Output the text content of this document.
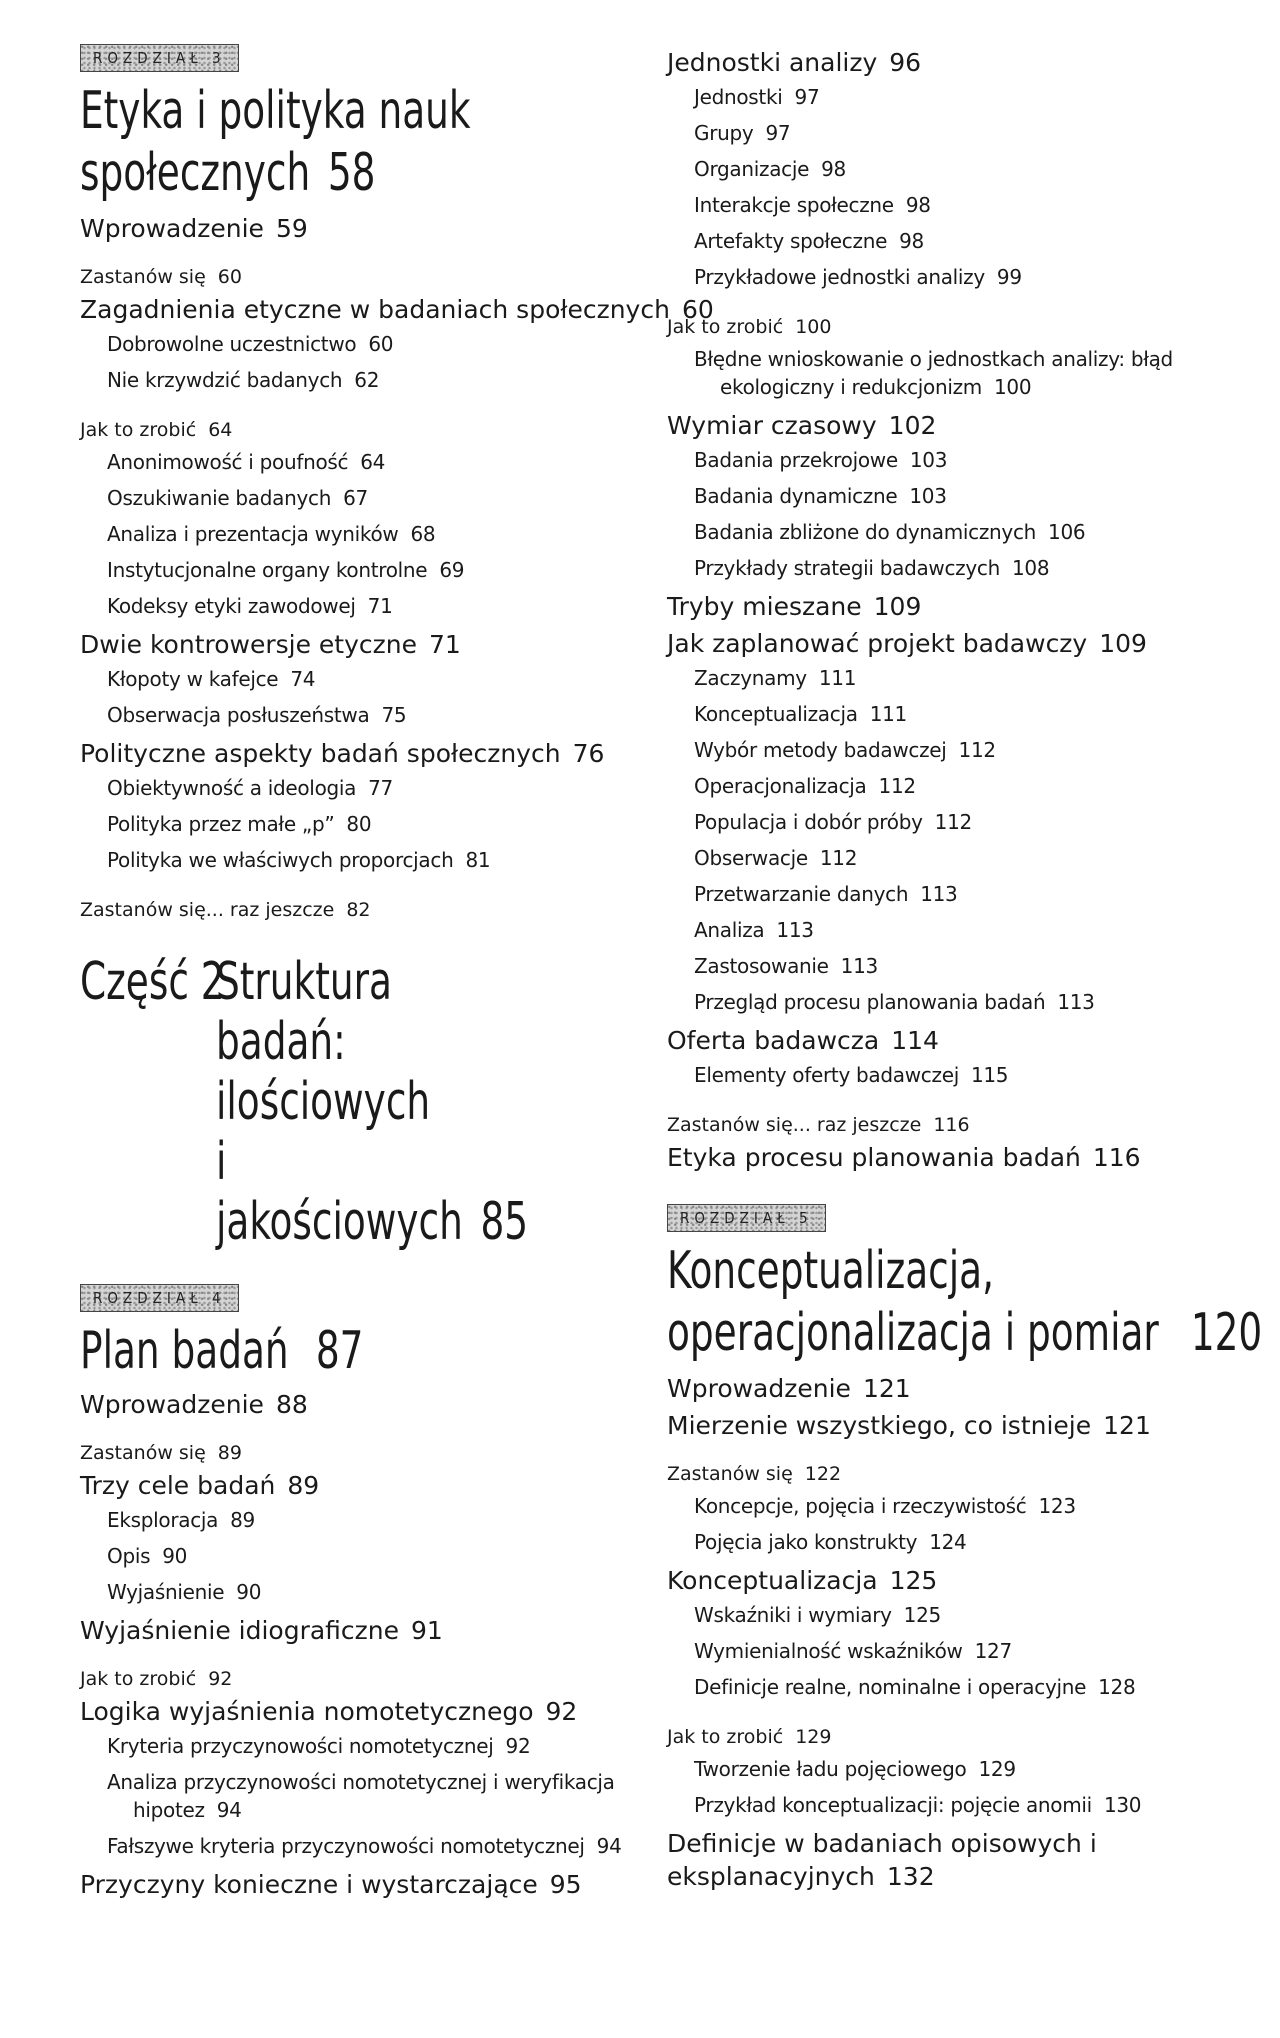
ROZDZIAŁ 3
Etyka i polityka nauk
społecznych 58
Wprowadzenie 59
Zastanów się 60
Zagadnienia etyczne w badaniach społecznych 60
Dobrowolne uczestnictwo 60
Nie krzywdzić badanych 62
Jak to zrobić 64
Anonimowość i poufność 64
Oszukiwanie badanych 67
Analiza i prezentacja wyników 68
Instytucjonalne organy kontrolne 69
Kodeksy etyki zawodowej 71
Dwie kontrowersje etyczne 71
Kłopoty w kafejce 74
Obserwacja posłuszeństwa 75
Polityczne aspekty badań społecznych 76
Obiektywność a ideologia 77
Polityka przez małe „p” 80
Polityka we właściwych proporcjach 81
Zastanów się... raz jeszcze 82
Część 2
Struktura badań:
ilościowych
i jakościowych 85
ROZDZIAŁ 4
Plan badań 87
Wprowadzenie 88
Zastanów się 89
Trzy cele badań 89
Eksploracja 89
Opis 90
Wyjaśnienie 90
Wyjaśnienie idiograficzne 91
Jak to zrobić 92
Logika wyjaśnienia nomotetycznego 92
Kryteria przyczynowości nomotetycznej 92
Analiza przyczynowości nomotetycznej i weryfikacja hipotez 94
Fałszywe kryteria przyczynowości nomotetycznej 94
Przyczyny konieczne i wystarczające 95
Jednostki analizy 96
Jednostki 97
Grupy 97
Organizacje 98
Interakcje społeczne 98
Artefakty społeczne 98
Przykładowe jednostki analizy 99
Jak to zrobić 100
Błędne wnioskowanie o jednostkach analizy: błąd ekologiczny i redukcjonizm 100
Wymiar czasowy 102
Badania przekrojowe 103
Badania dynamiczne 103
Badania zbliżone do dynamicznych 106
Przykłady strategii badawczych 108
Tryby mieszane 109
Jak zaplanować projekt badawczy 109
Zaczynamy 111
Konceptualizacja 111
Wybór metody badawczej 112
Operacjonalizacja 112
Populacja i dobór próby 112
Obserwacje 112
Przetwarzanie danych 113
Analiza 113
Zastosowanie 113
Przegląd procesu planowania badań 113
Oferta badawcza 114
Elementy oferty badawczej 115
Zastanów się... raz jeszcze 116
Etyka procesu planowania badań 116
ROZDZIAŁ 5
Konceptualizacja,
operacjonalizacja i pomiar 120
Wprowadzenie 121
Mierzenie wszystkiego, co istnieje 121
Zastanów się 122
Koncepcje, pojęcia i rzeczywistość 123
Pojęcia jako konstrukty 124
Konceptualizacja 125
Wskaźniki i wymiary 125
Wymienialność wskaźników 127
Definicje realne, nominalne i operacyjne 128
Jak to zrobić 129
Tworzenie ładu pojęciowego 129
Przykład konceptualizacji: pojęcie anomii 130
Definicje w badaniach opisowych i eksplanacyjnych 132
